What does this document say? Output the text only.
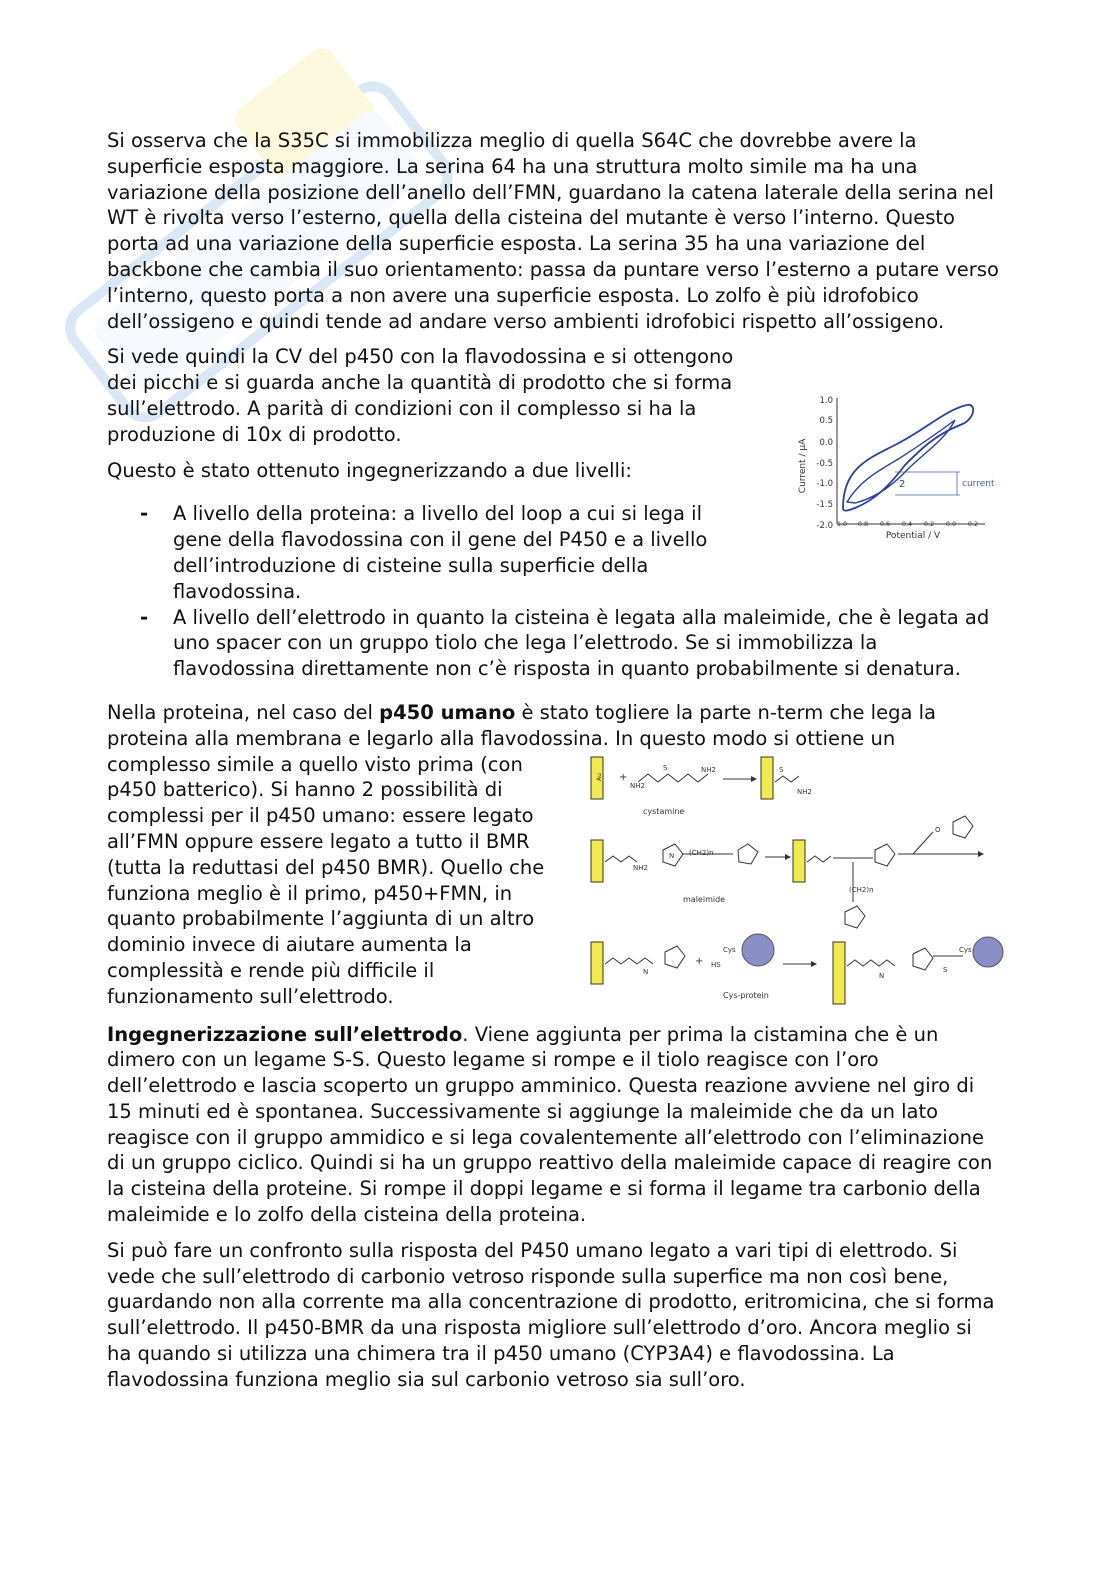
Si osserva che la S35C si immobilizza meglio di quella S64C che dovrebbe avere la superficie esposta maggiore. La serina 64 ha una struttura molto simile ma ha una variazione della posizione dell’anello dell’FMN, guardano la catena laterale della serina nel WT è rivolta verso l’esterno, quella della cisteina del mutante è verso l’interno. Questo porta ad una variazione della superficie esposta. La serina 35 ha una variazione del backbone che cambia il suo orientamento: passa da puntare verso l’esterno a putare verso l’interno, questo porta a non avere una superficie esposta. Lo zolfo è più idrofobico dell’ossigeno e quindi tende ad andare verso ambienti idrofobici rispetto all’ossigeno.

Si vede quindi la CV del p450 con la flavodossina e si ottengono dei picchi e si guarda anche la quantità di prodotto che si forma sull’elettrodo. A parità di condizioni con il complesso si ha la produzione di 10x di prodotto.

Questo è stato ottenuto ingegnerizzando a due livelli:

- A livello della proteina: a livello del loop a cui si lega il gene della flavodossina con il gene del P450 e a livello dell’introduzione di cisteine sulla superficie della flavodossina.
- A livello dell’elettrodo in quanto la cisteina è legata alla maleimide, che è legata ad uno spacer con un gruppo tiolo che lega l’elettrodo. Se si immobilizza la flavodossina direttamente non c’è risposta in quanto probabilmente si denatura.

Nella proteina, nel caso del p450 umano è stato togliere la parte n-term che lega la proteina alla membrana e legarlo alla flavodossina. In questo modo si ottiene un

complesso simile a quello visto prima (con p450 batterico). Si hanno 2 possibilità di complessi per il p450 umano: essere legato all’FMN oppure essere legato a tutto il BMR (tutta la reduttasi del p450 BMR). Quello che funziona meglio è il primo, p450+FMN, in quanto probabilmente l’aggiunta di un altro dominio invece di aiutare aumenta la complessità e rende più difficile il funzionamento sull’elettrodo.

Ingegnerizzazione sull’elettrodo. Viene aggiunta per prima la cistamina che è un dimero con un legame S-S. Questo legame si rompe e il tiolo reagisce con l’oro dell’elettrodo e lascia scoperto un gruppo amminico. Questa reazione avviene nel giro di 15 minuti ed è spontanea. Successivamente si aggiunge la maleimide che da un lato reagisce con il gruppo ammidico e si lega covalentemente all’elettrodo con l’eliminazione di un gruppo ciclico. Quindi si ha un gruppo reattivo della maleimide capace di reagire con la cisteina della proteine. Si rompe il doppi legame e si forma il legame tra carbonio della maleimide e lo zolfo della cisteina della proteina.

Si può fare un confronto sulla risposta del P450 umano legato a vari tipi di elettrodo. Si vede che sull’elettrodo di carbonio vetroso risponde sulla superfice ma non così bene, guardando non alla corrente ma alla concentrazione di prodotto, eritromicina, che si forma sull’elettrodo. Il p450-BMR da una risposta migliore sull’elettrodo d’oro. Ancora meglio si ha quando si utilizza una chimera tra il p450 umano (CYP3A4) e flavodossina. La flavodossina funziona meglio sia sul carbonio vetroso sia sull’oro.

Current / µA
1.0
0.5
0.0
-0.5
-1.0
-1.5
-2.0 1.0 0.8 0.6 0.4 0.2 0.0 0.2
Potential / V
2	current
Au +
NH2
NH2
S
cystamine
S
NH2
NH2
N (CH2)n
maleimide
(CH2)n
O
N
+ HS
Cys
Cys-protein
N
S
Cys
